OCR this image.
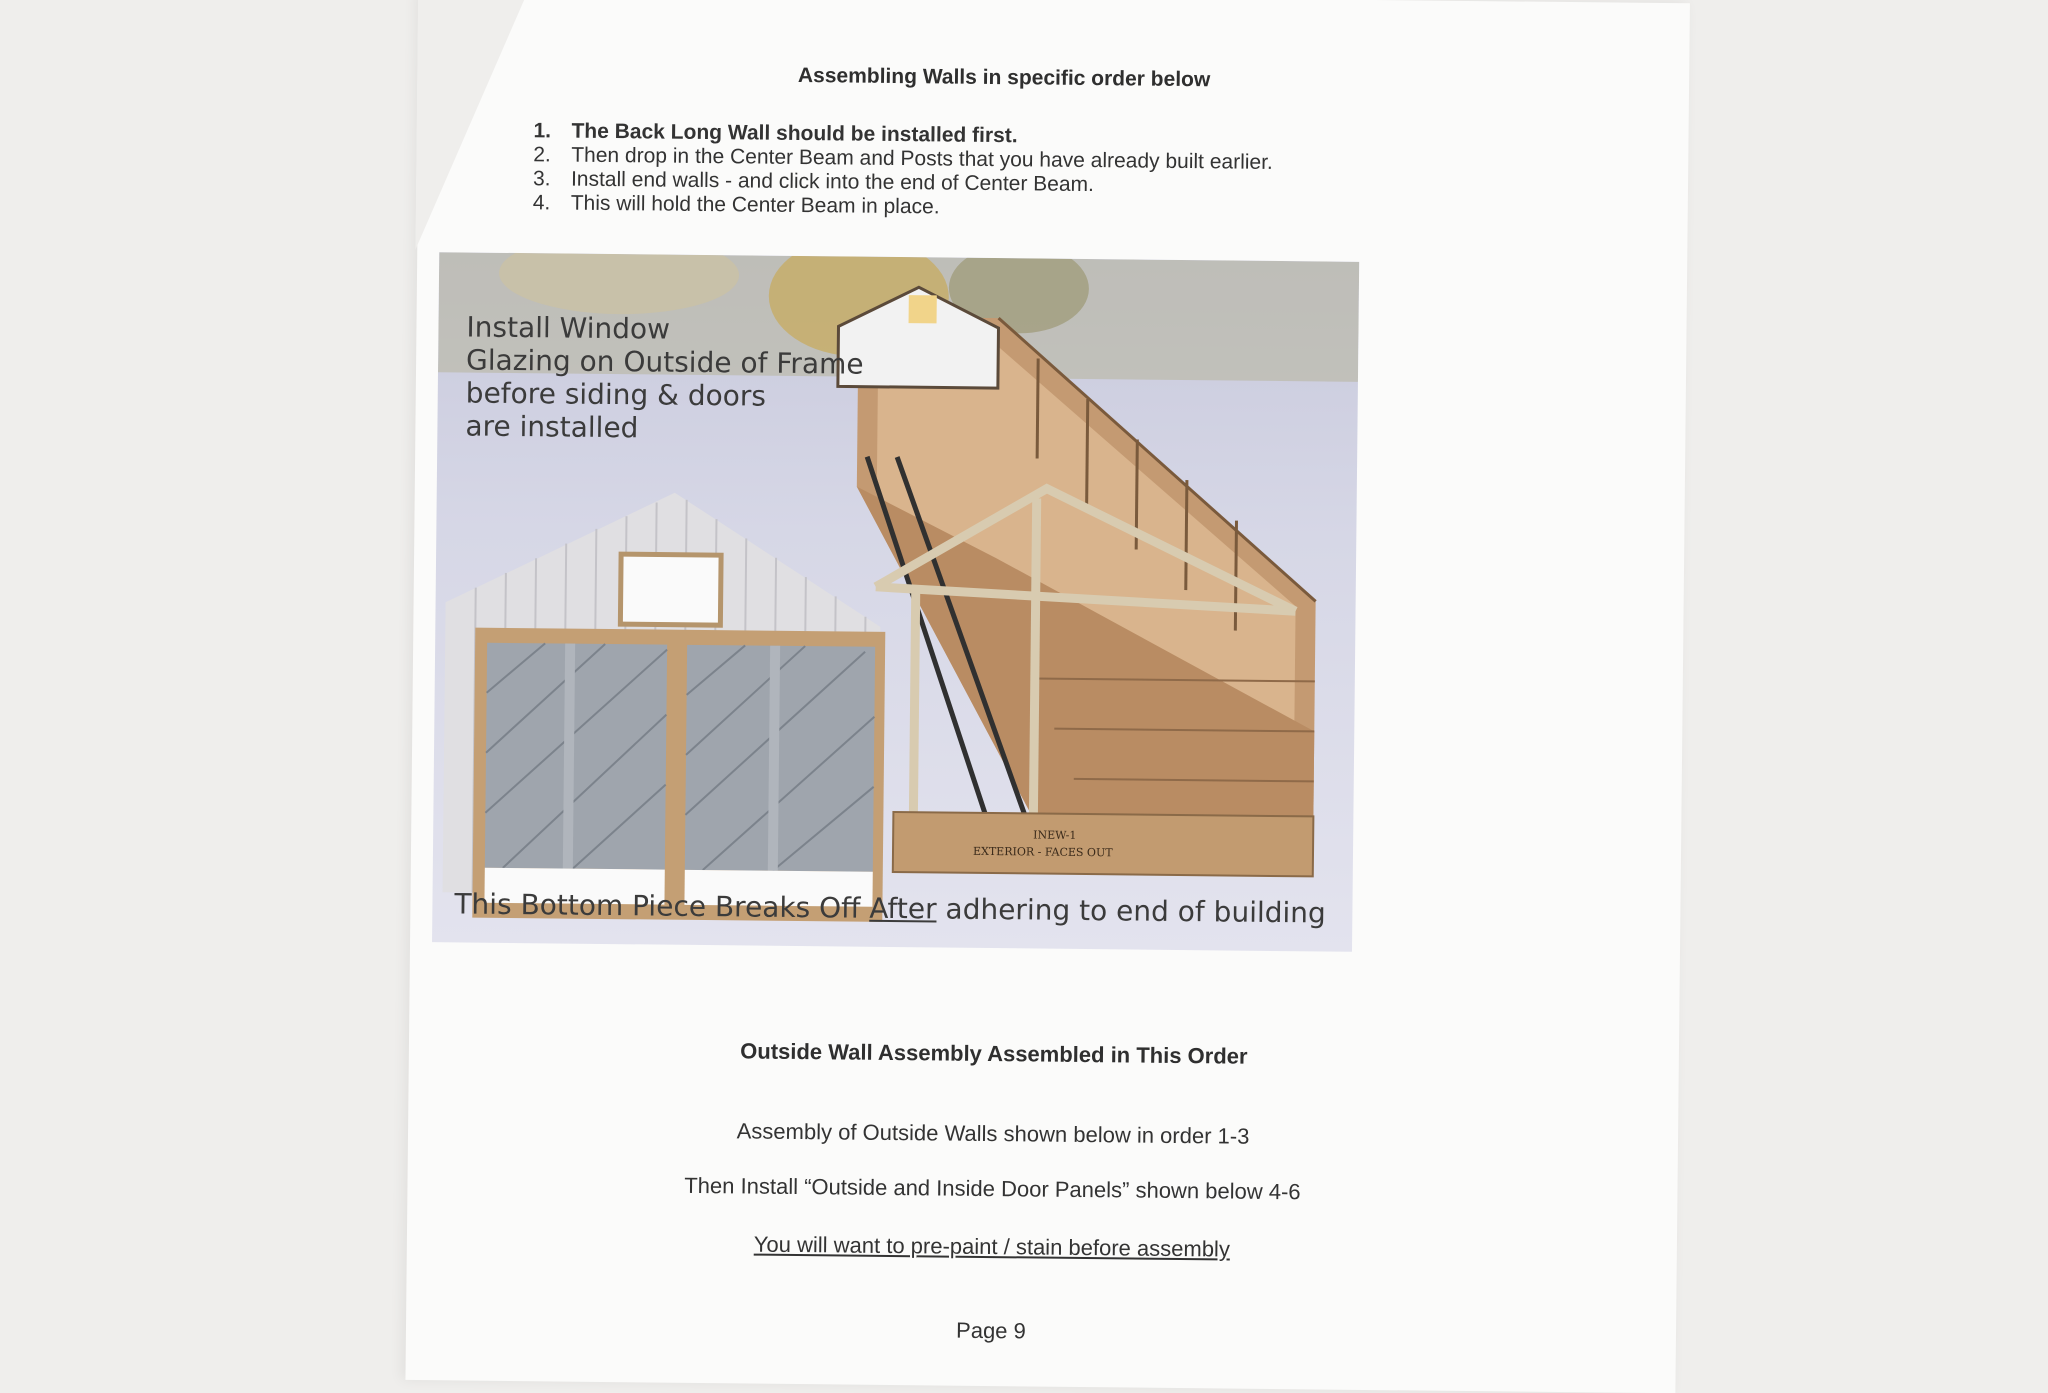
Assembling Walls in specific order below
1. The Back Long Wall should be installed first.
2. Then drop in the Center Beam and Posts that you have already built earlier.
3. Install end walls - and click into the end of Center Beam.
4. This will hold the Center Beam in place.
INEW-1
EXTERIOR - FACES OUT
Install Window
Glazing on Outside of Frame
before siding & doors
are installed
This Bottom Piece Breaks Off After adhering to end of building
Outside Wall Assembly Assembled in This Order
Assembly of Outside Walls shown below in order 1-3
Then Install “Outside and Inside Door Panels” shown below 4-6
You will want to pre-paint / stain before assembly
Page 9
